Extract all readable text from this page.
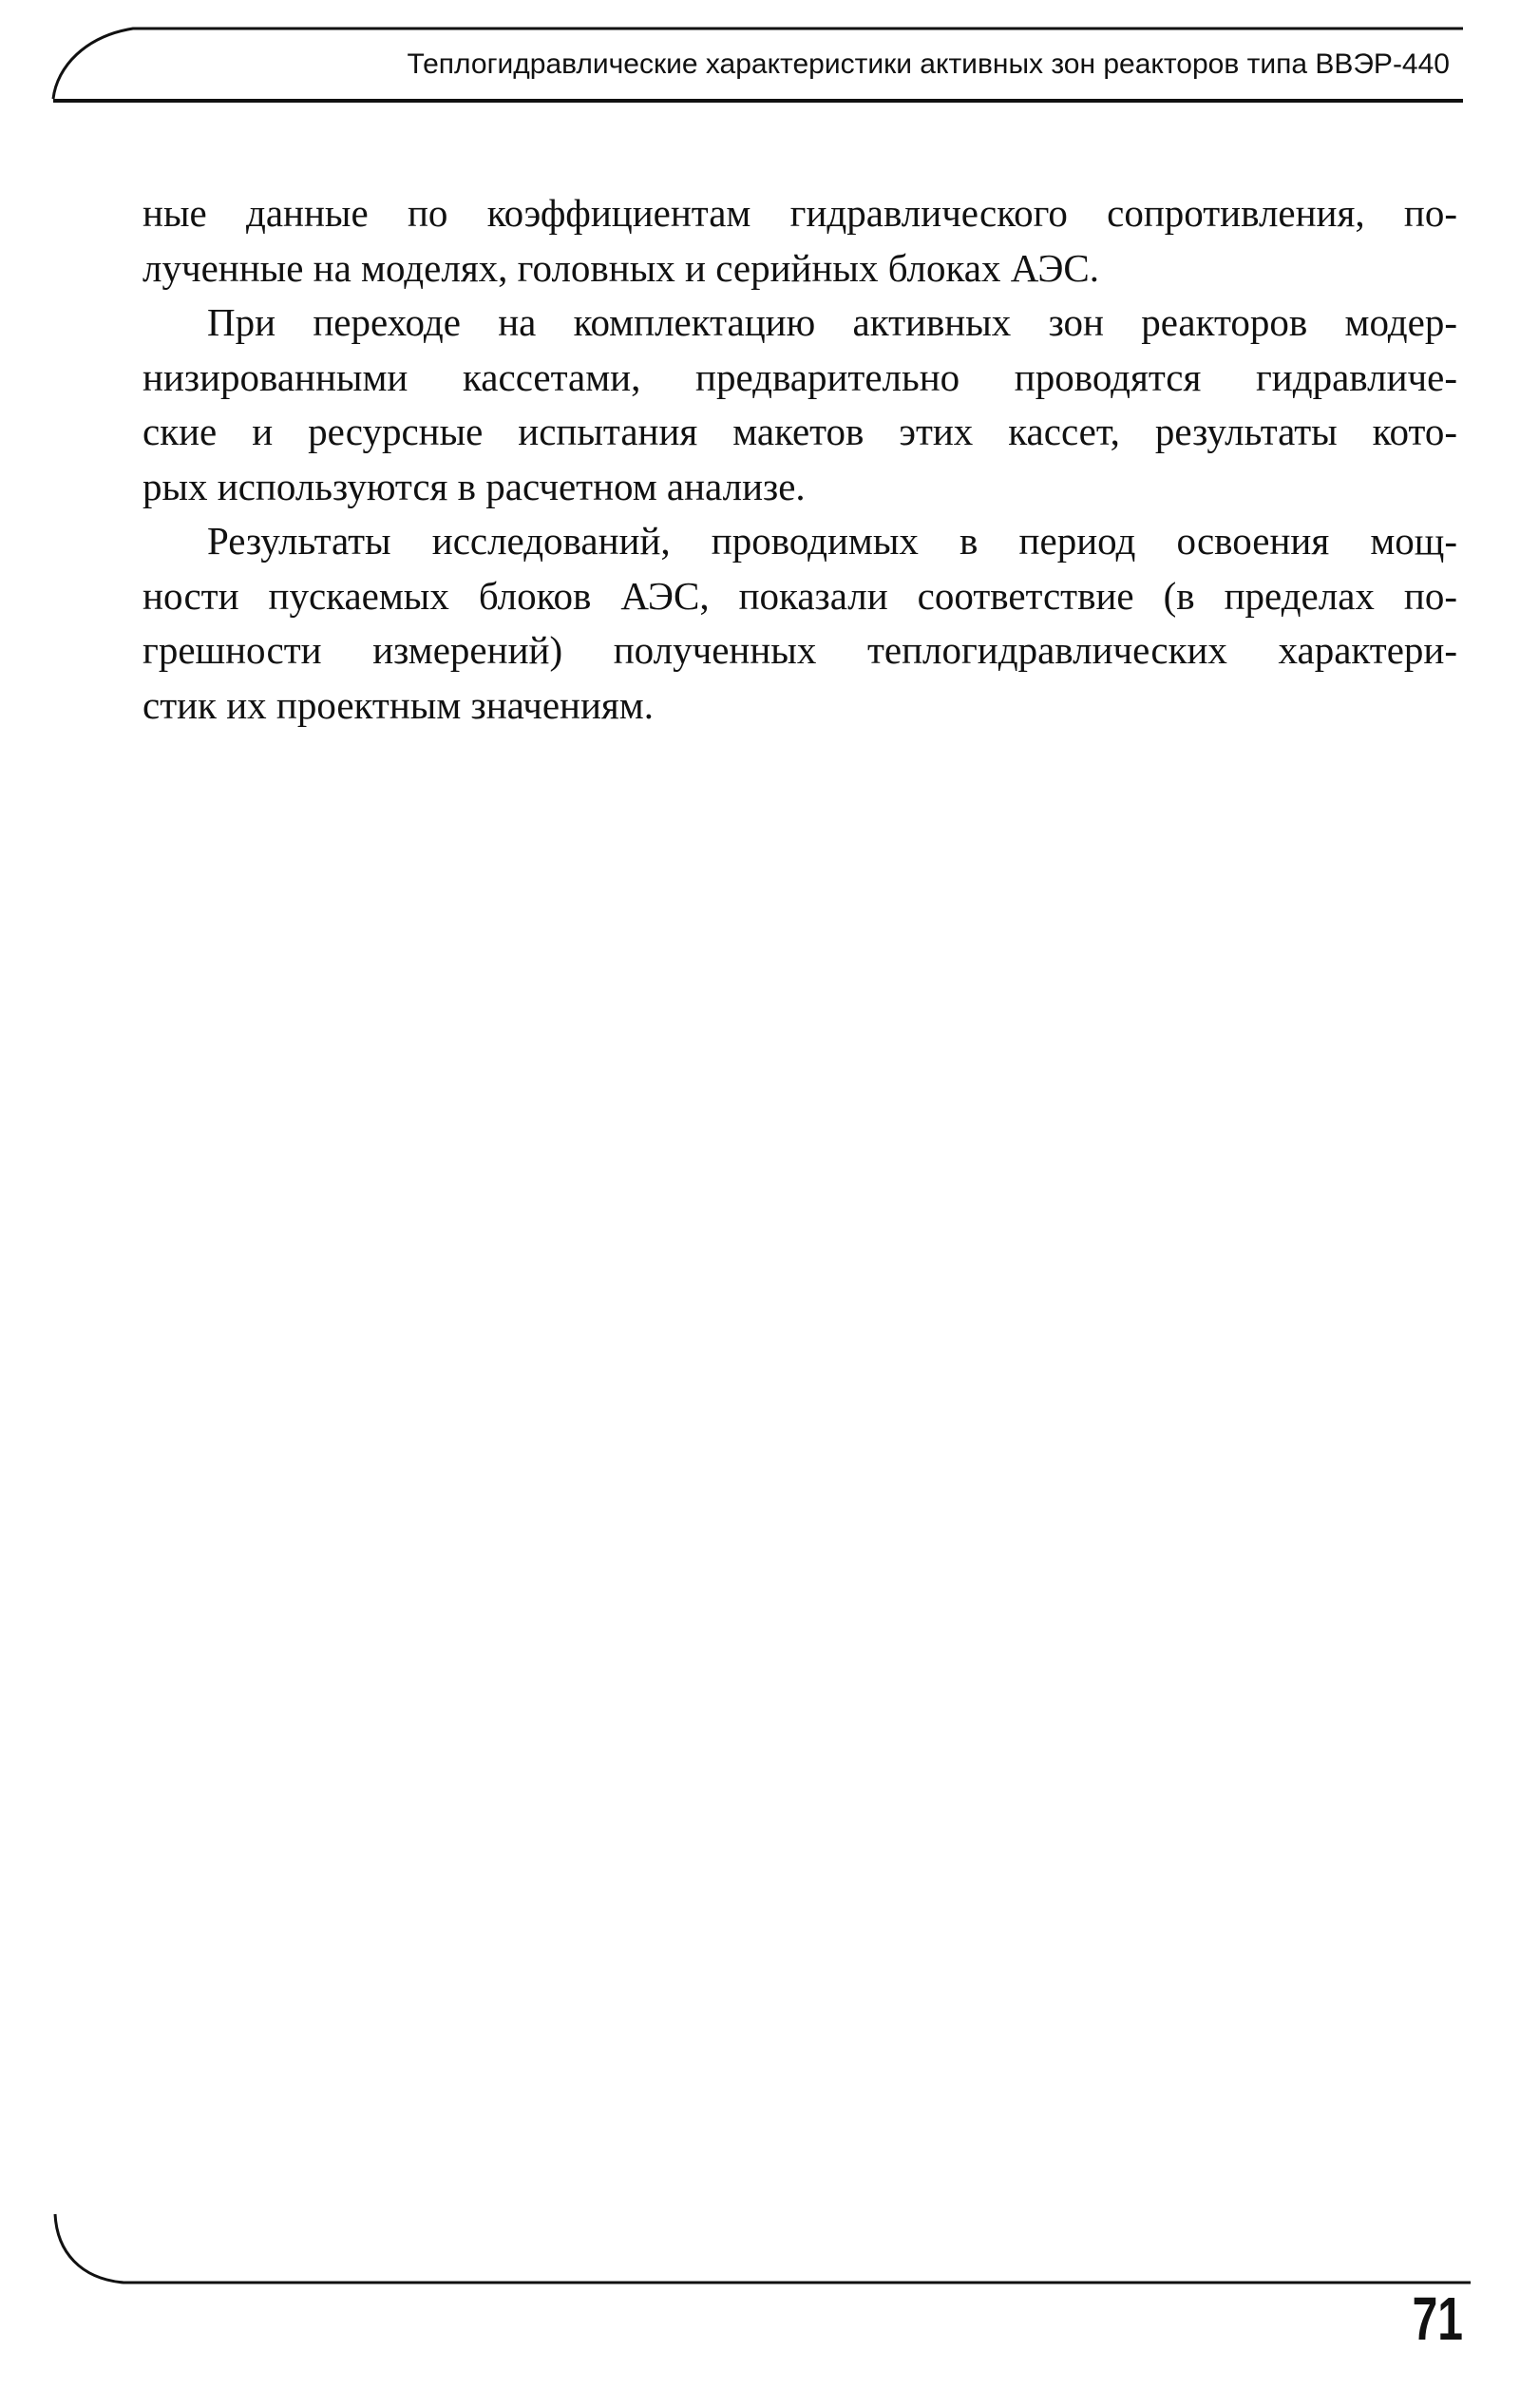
Теплогидравлические характеристики активных зон реакторов типа ВВЭР-440

ные данные по коэффициентам гидравлического сопротивления, по-
лученные на моделях, головных и серийных блоках АЭС.

При переходе на комплектацию активных зон реакторов модер-
низированными кассетами, предварительно проводятся гидравличе-
ские и ресурсные испытания макетов этих кассет, результаты кото-
рых используются в расчетном анализе.

Результаты исследований, проводимых в период освоения мощ-
ности пускаемых блоков АЭС, показали соответствие (в пределах по-
грешности измерений) полученных теплогидравлических характери-
стик их проектным значениям.

71
